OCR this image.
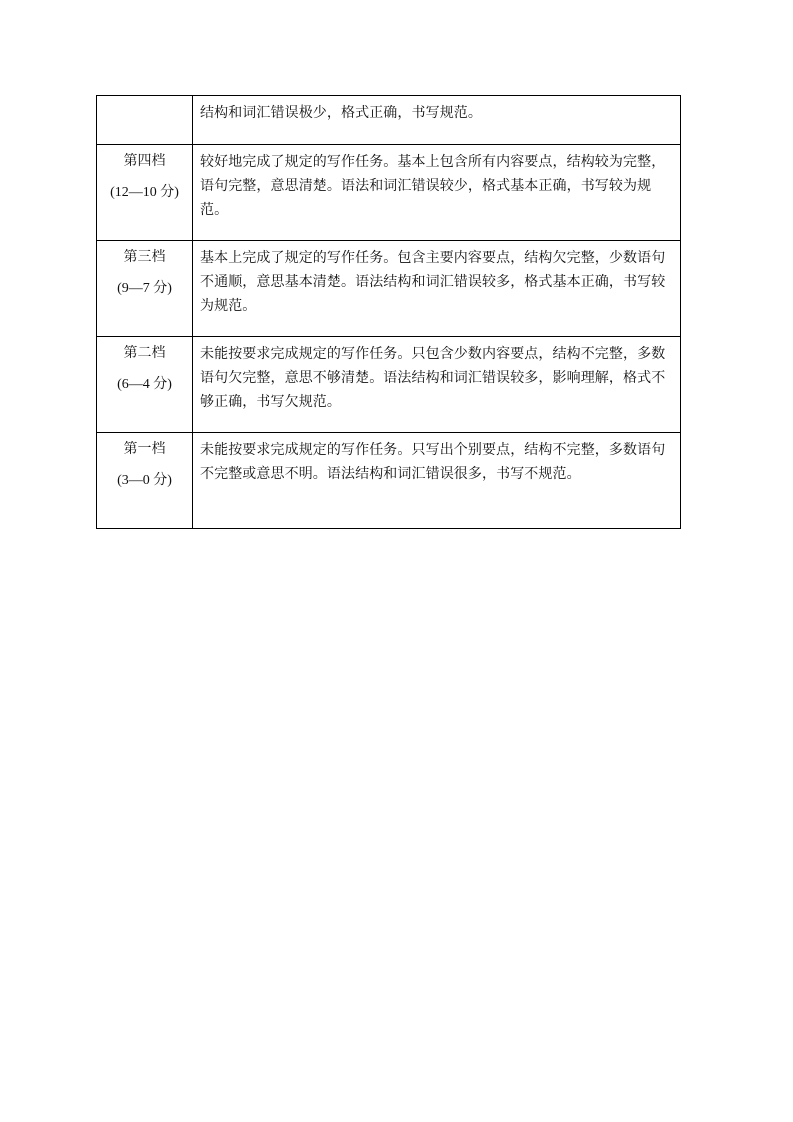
	结构和词汇错误极少，格式正确，书写规范。

第四档
(12—10 分)	较好地完成了规定的写作任务。基本上包含所有内容要点，结构较为完整，语句完整，意思清楚。语法和词汇错误较少，格式基本正确，书写较为规范。

第三档
(9—7 分)	基本上完成了规定的写作任务。包含主要内容要点，结构欠完整，少数语句不通顺，意思基本清楚。语法结构和词汇错误较多，格式基本正确，书写较为规范。

第二档
(6—4 分)	未能按要求完成规定的写作任务。只包含少数内容要点，结构不完整，多数语句欠完整，意思不够清楚。语法结构和词汇错误较多，影响理解，格式不够正确，书写欠规范。

第一档
(3—0 分)	未能按要求完成规定的写作任务。只写出个别要点，结构不完整，多数语句不完整或意思不明。语法结构和词汇错误很多，书写不规范。
